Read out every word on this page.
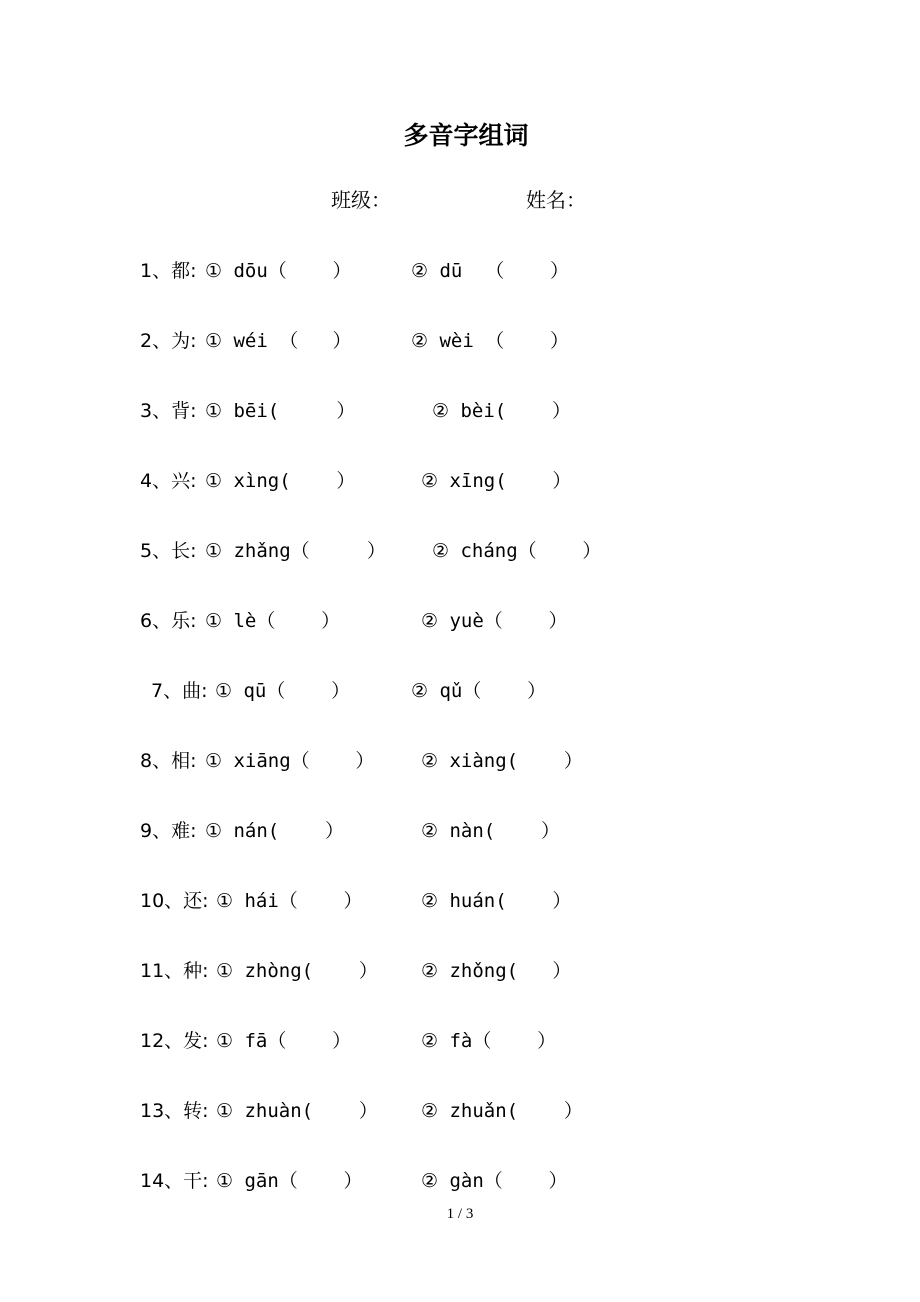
多音字组词
班级：	姓名：
1、都: ① dōu（    ）	② dū  （    ）
2、为: ① wéi （   ）	② wèi （    ）
3、背: ① bēi(     ）	② bèi(    ）
4、兴: ① xìng(    ）	② xīng(    ）
5、长: ① zhǎng（     ） ② cháng（    ）
6、乐: ① lè（    ）	② yuè（    ）
7、曲: ① qū（    ）	② qǔ（    ）
8、相: ① xiāng（    ） ② xiàng(    ）
9、难: ① nán(    ）	② nàn(    ）
10、还: ① hái（    ）	② huán(    ）
11、种: ① zhòng(    ） ② zhǒng(   ）
12、发: ① fā（    ）	② fà（    ）
13、转: ① zhuàn(    ） ② zhuǎn(    ）
14、干: ① gān（    ）	② gàn（    ）
1 / 3
